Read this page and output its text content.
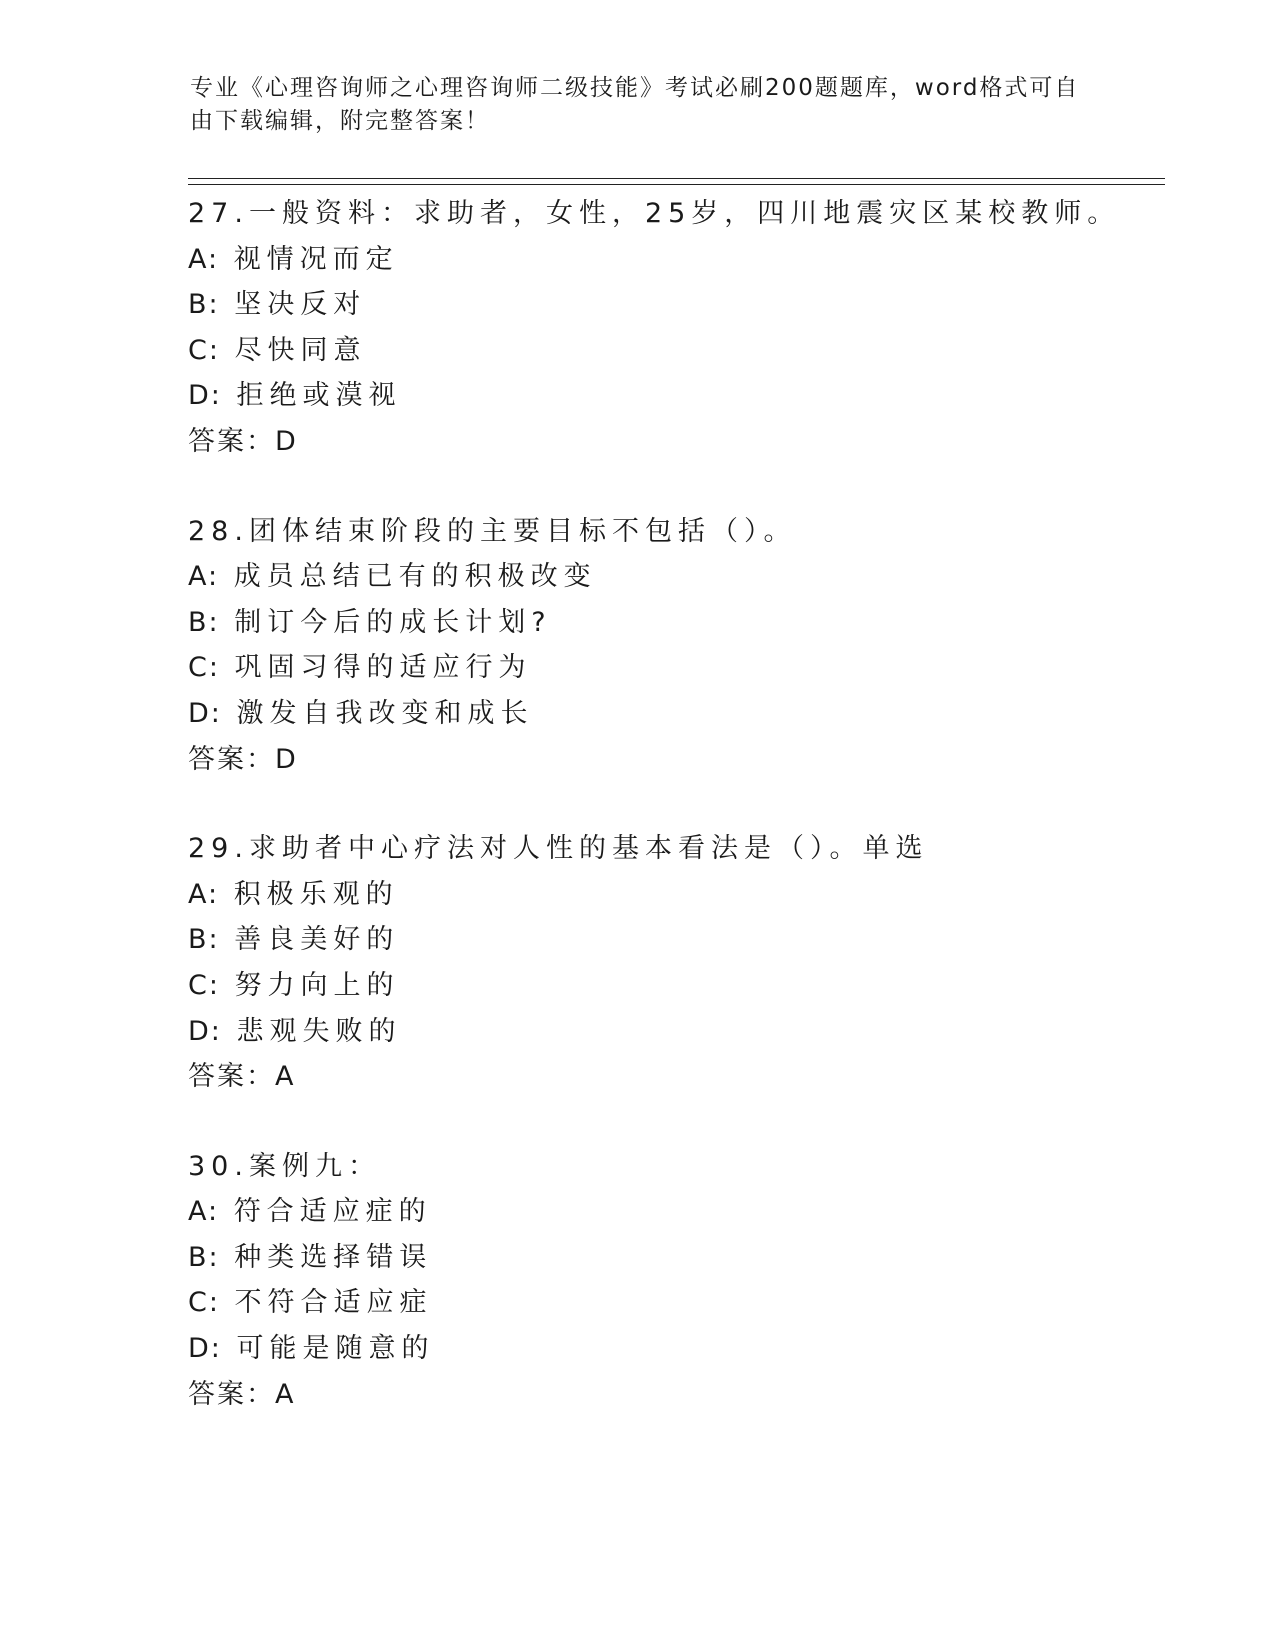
专业《心理咨询师之心理咨询师二级技能》考试必刷200题题库，word格式可自由下载编辑，附完整答案！
27.一般资料：求助者，女性，25岁，四川地震灾区某校教师。
A: 视情况而定
B: 坚决反对
C: 尽快同意
D: 拒绝或漠视
答案：D
28.团体结束阶段的主要目标不包括（）。
A: 成员总结已有的积极改变
B: 制订今后的成长计划?
C: 巩固习得的适应行为
D: 激发自我改变和成长
答案：D
29.求助者中心疗法对人性的基本看法是（）。单选
A: 积极乐观的
B: 善良美好的
C: 努力向上的
D: 悲观失败的
答案：A
30.案例九：
A: 符合适应症的
B: 种类选择错误
C: 不符合适应症
D: 可能是随意的
答案：A
